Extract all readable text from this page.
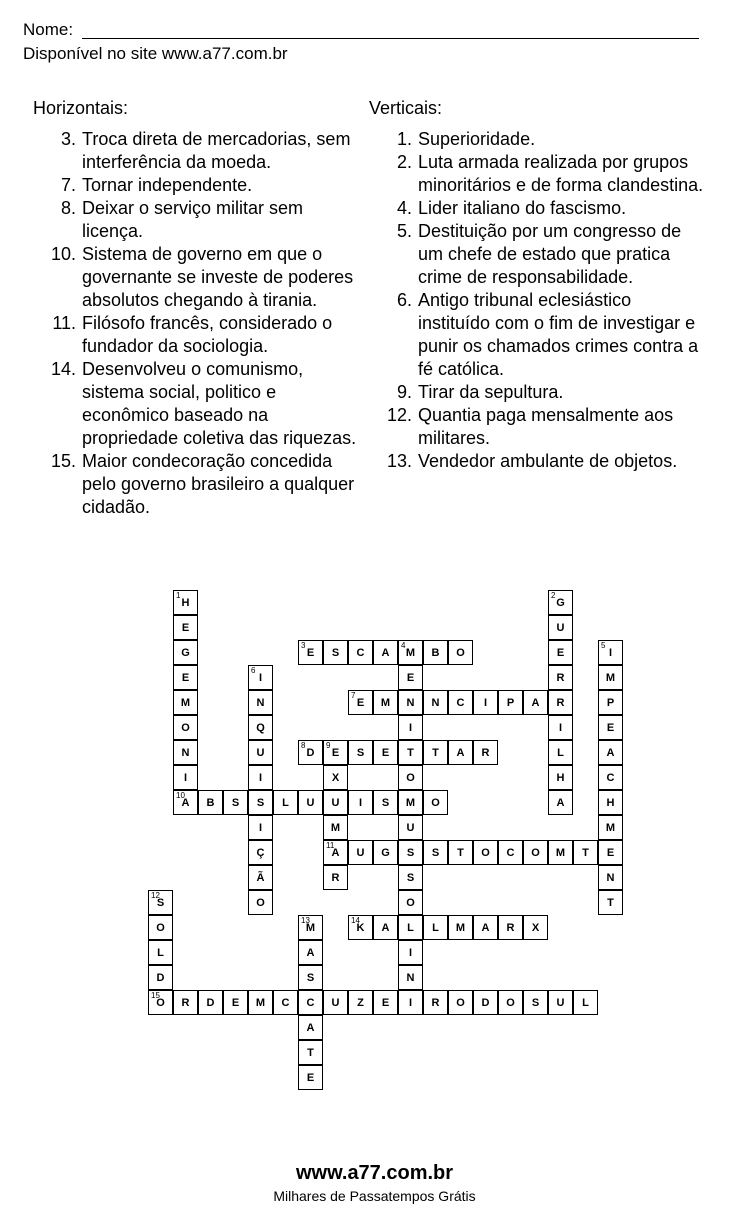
Nome:
Disponível no site www.a77.com.br
Horizontais:
3. Troca direta de mercadorias, sem interferência da moeda.
7. Tornar independente.
8. Deixar o serviço militar sem licença.
10. Sistema de governo em que o governante se investe de poderes absolutos chegando à tirania.
11. Filósofo francês, considerado o fundador da sociologia.
14. Desenvolveu o comunismo, sistema social, politico e econômico baseado na propriedade coletiva das riquezas.
15. Maior condecoração concedida pelo governo brasileiro a qualquer cidadão.
Verticais:
1. Superioridade.
2. Luta armada realizada por grupos minoritários e de forma clandestina.
4. Lider italiano do fascismo.
5. Destituição por um congresso de um chefe de estado que pratica crime de responsabilidade.
6. Antigo tribunal eclesiástico instituído com o fim de investigar e punir os chamados crimes contra a fé católica.
9. Tirar da sepultura.
12. Quantia paga mensalmente aos militares.
13. Vendedor ambulante de objetos.
H
1
E
G
E
M
O
N
I
A
10
G
2
U
E
R
R
I
L
H
A
E
3
S	C	A	M
4
B	O
E
N
I
T
O
M
U
S
S
O
L
I
N
I
I
5
M
P
E
A
C
H
M
E
N
T
I
6
N
Q
U
I
S
I
Ç
Ã
O
E
7
M	N	C	I	P	A
D
8
E
9
S	E	T	A	R
X
U
M
A
11
R
B	S	L	U	I	S	O
U	G	S	T	O	C	O	M	T
S
12
O
L
D
O
15
M
13
A
S
C
A
T
E
K
14
A	L	M	A	R	X
R	D	E	M	C	U	Z	E	R	O	D	O	S	U	L
www.a77.com.br
Milhares de Passatempos Grátis
